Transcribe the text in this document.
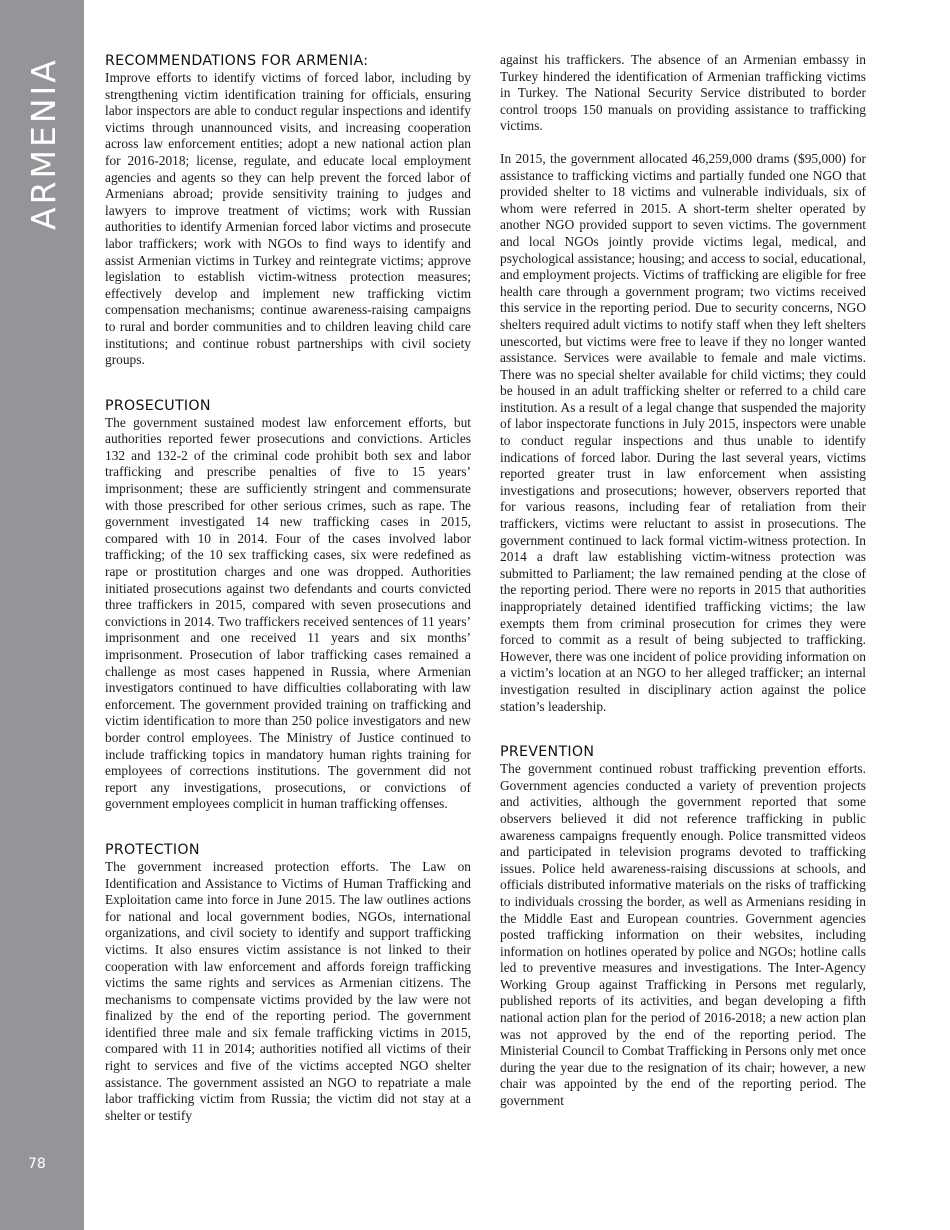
ARMENIA
78
RECOMMENDATIONS FOR ARMENIA:

Improve efforts to identify victims of forced labor, including by strengthening victim identification training for officials, ensuring labor inspectors are able to conduct regular inspections and identify victims through unannounced visits, and increasing cooperation across law enforcement entities; adopt a new national action plan for 2016-2018; license, regulate, and educate local employment agencies and agents so they can help prevent the forced labor of Armenians abroad; provide sensitivity training to judges and lawyers to improve treatment of victims; work with Russian authorities to identify Armenian forced labor victims and prosecute labor traffickers; work with NGOs to find ways to identify and assist Armenian victims in Turkey and reintegrate victims; approve legislation to establish victim-witness protection measures; effectively develop and implement new trafficking victim compensation mechanisms; continue awareness-raising campaigns to rural and border communities and to children leaving child care institutions; and continue robust partnerships with civil society groups.

PROSECUTION

The government sustained modest law enforcement efforts, but authorities reported fewer prosecutions and convictions. Articles 132 and 132-2 of the criminal code prohibit both sex and labor trafficking and prescribe penalties of five to 15 years’ imprisonment; these are sufficiently stringent and commensurate with those prescribed for other serious crimes, such as rape. The government investigated 14 new trafficking cases in 2015, compared with 10 in 2014. Four of the cases involved labor trafficking; of the 10 sex trafficking cases, six were redefined as rape or prostitution charges and one was dropped. Authorities initiated prosecutions against two defendants and courts convicted three traffickers in 2015, compared with seven prosecutions and convictions in 2014. Two traffickers received sentences of 11 years’ imprisonment and one received 11 years and six months’ imprisonment. Prosecution of labor trafficking cases remained a challenge as most cases happened in Russia, where Armenian investigators continued to have difficulties collaborating with law enforcement. The government provided training on trafficking and victim identification to more than 250 police investigators and new border control employees. The Ministry of Justice continued to include trafficking topics in mandatory human rights training for employees of corrections institutions. The government did not report any investigations, prosecutions, or convictions of government employees complicit in human trafficking offenses.

PROTECTION

The government increased protection efforts. The Law on Identification and Assistance to Victims of Human Trafficking and Exploitation came into force in June 2015. The law outlines actions for national and local government bodies, NGOs, international organizations, and civil society to identify and support trafficking victims. It also ensures victim assistance is not linked to their cooperation with law enforcement and affords foreign trafficking victims the same rights and services as Armenian citizens. The mechanisms to compensate victims provided by the law were not finalized by the end of the reporting period. The government identified three male and six female trafficking victims in 2015, compared with 11 in 2014; authorities notified all victims of their right to services and five of the victims accepted NGO shelter assistance. The government assisted an NGO to repatriate a male labor trafficking victim from Russia; the victim did not stay at a shelter or testify

against his traffickers. The absence of an Armenian embassy in Turkey hindered the identification of Armenian trafficking victims in Turkey. The National Security Service distributed to border control troops 150 manuals on providing assistance to trafficking victims.

In 2015, the government allocated 46,259,000 drams ($95,000) for assistance to trafficking victims and partially funded one NGO that provided shelter to 18 victims and vulnerable individuals, six of whom were referred in 2015. A short-term shelter operated by another NGO provided support to seven victims. The government and local NGOs jointly provide victims legal, medical, and psychological assistance; housing; and access to social, educational, and employment projects. Victims of trafficking are eligible for free health care through a government program; two victims received this service in the reporting period. Due to security concerns, NGO shelters required adult victims to notify staff when they left shelters unescorted, but victims were free to leave if they no longer wanted assistance. Services were available to female and male victims. There was no special shelter available for child victims; they could be housed in an adult trafficking shelter or referred to a child care institution. As a result of a legal change that suspended the majority of labor inspectorate functions in July 2015, inspectors were unable to conduct regular inspections and thus unable to identify indications of forced labor. During the last several years, victims reported greater trust in law enforcement when assisting investigations and prosecutions; however, observers reported that for various reasons, including fear of retaliation from their traffickers, victims were reluctant to assist in prosecutions. The government continued to lack formal victim-witness protection. In 2014 a draft law establishing victim-witness protection was submitted to Parliament; the law remained pending at the close of the reporting period. There were no reports in 2015 that authorities inappropriately detained identified trafficking victims; the law exempts them from criminal prosecution for crimes they were forced to commit as a result of being subjected to trafficking. However, there was one incident of police providing information on a victim’s location at an NGO to her alleged trafficker; an internal investigation resulted in disciplinary action against the police station’s leadership.

PREVENTION

The government continued robust trafficking prevention efforts. Government agencies conducted a variety of prevention projects and activities, although the government reported that some observers believed it did not reference trafficking in public awareness campaigns frequently enough. Police transmitted videos and participated in television programs devoted to trafficking issues. Police held awareness-raising discussions at schools, and officials distributed informative materials on the risks of trafficking to individuals crossing the border, as well as Armenians residing in the Middle East and European countries. Government agencies posted trafficking information on their websites, including information on hotlines operated by police and NGOs; hotline calls led to preventive measures and investigations. The Inter-Agency Working Group against Trafficking in Persons met regularly, published reports of its activities, and began developing a fifth national action plan for the period of 2016-2018; a new action plan was not approved by the end of the reporting period. The Ministerial Council to Combat Trafficking in Persons only met once during the year due to the resignation of its chair; however, a new chair was appointed by the end of the reporting period. The government
